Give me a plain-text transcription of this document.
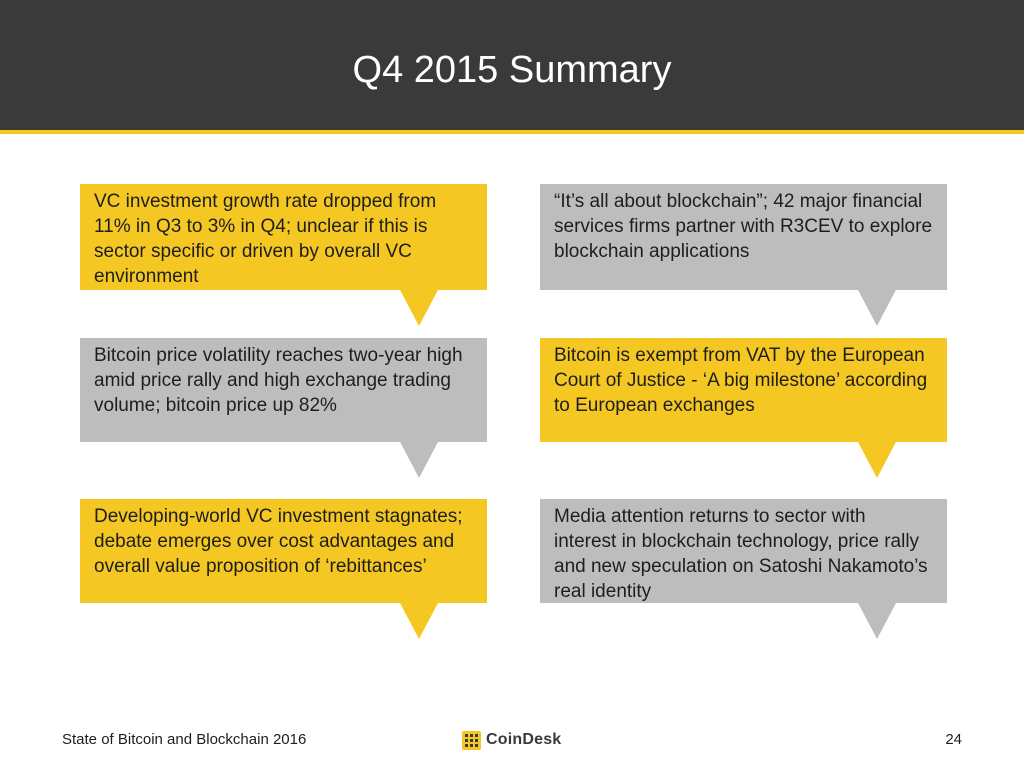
Q4 2015 Summary
VC investment growth rate dropped from 11% in Q3 to 3% in Q4; unclear if this is sector specific or driven by overall VC environment
“It’s all about blockchain”; 42 major financial services firms partner with R3CEV to explore blockchain applications
Bitcoin price volatility reaches two-year high amid price rally and high exchange trading volume; bitcoin price up 82%
Bitcoin is exempt from VAT by the European Court of Justice - ‘A big milestone’ according to European exchanges
Developing-world VC investment stagnates; debate emerges over cost advantages and overall value proposition of ‘rebittances’
Media attention returns to sector with interest in blockchain technology, price rally and new speculation on Satoshi Nakamoto’s real identity
State of Bitcoin and Blockchain 2016	CoinDesk	24
